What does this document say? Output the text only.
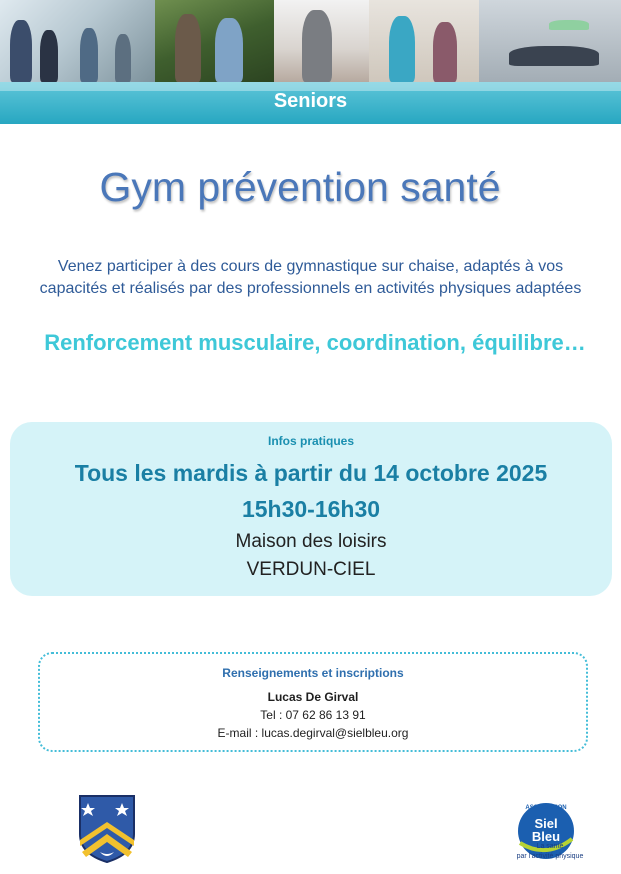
Seniors
Gym prévention santé
Venez participer à des cours de gymnastique sur chaise, adaptés à vos
capacités et réalisés par des professionnels en activités physiques adaptées
Renforcement musculaire, coordination, équilibre…
Infos pratiques
Tous les mardis à partir du 14 octobre 2025
15h30-16h30
Maison des loisirs
VERDUN-CIEL
Renseignements et inscriptions
Lucas De Girval
Tel : 07 62 86 13 91
E-mail : lucas.degirval@sielbleu.org
ASSOCIATION
Siel
Bleu
La santé
par l'activité physique
